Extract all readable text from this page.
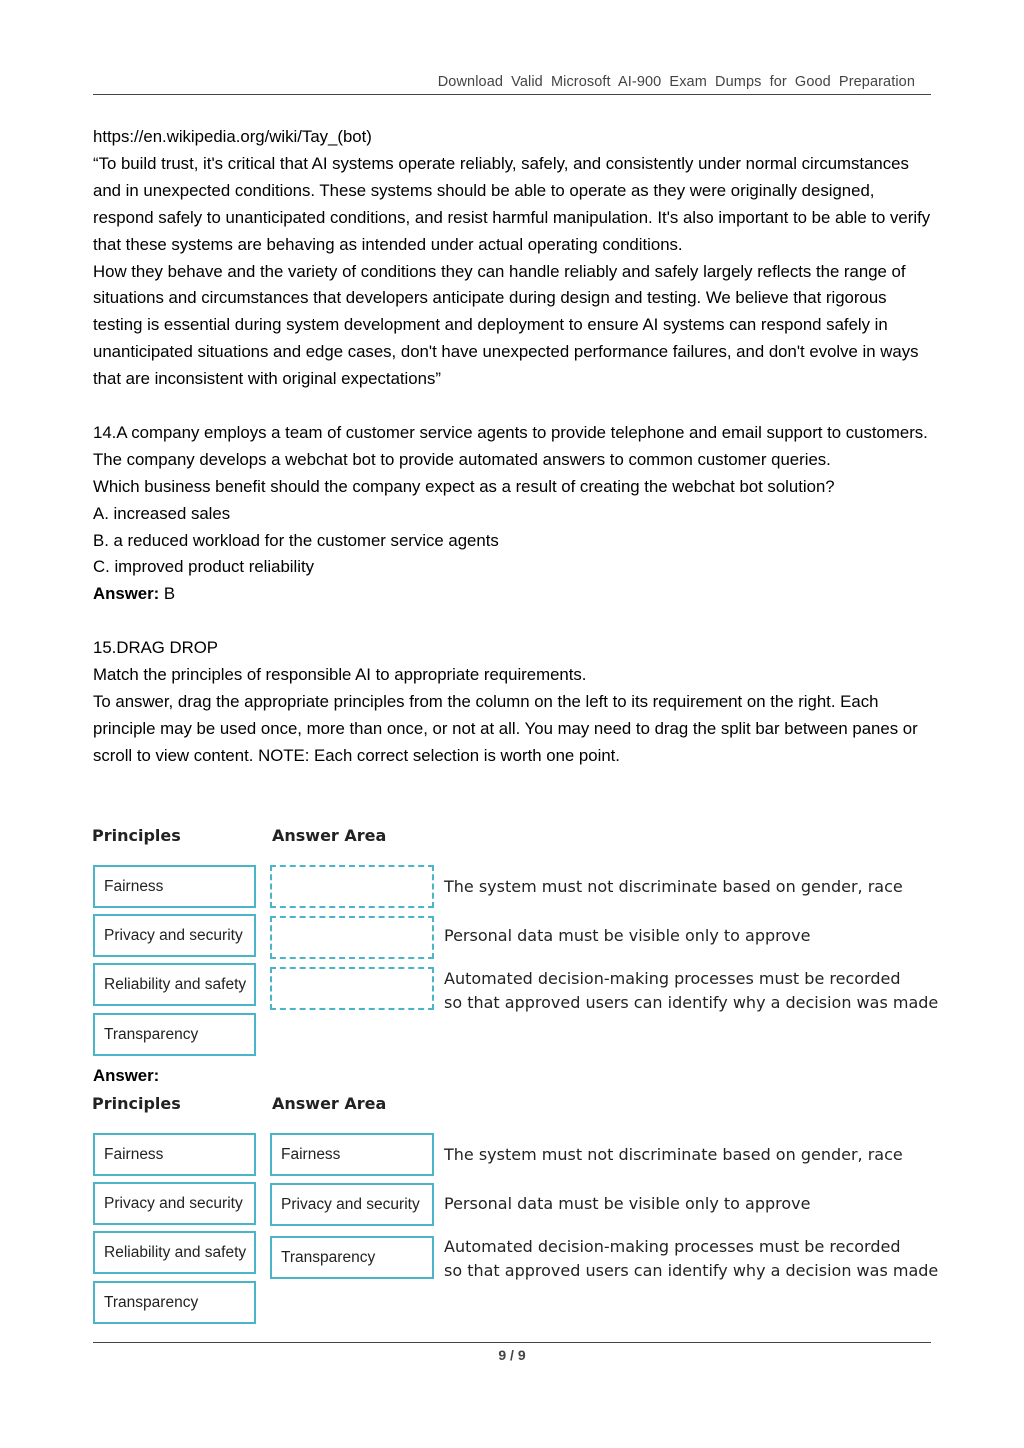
Download Valid Microsoft AI-900 Exam Dumps for Good Preparation

https://en.wikipedia.org/wiki/Tay_(bot)

“To build trust, it's critical that AI systems operate reliably, safely, and consistently under normal circumstances and in unexpected conditions. These systems should be able to operate as they were originally designed, respond safely to unanticipated conditions, and resist harmful manipulation. It's also important to be able to verify that these systems are behaving as intended under actual operating conditions.

How they behave and the variety of conditions they can handle reliably and safely largely reflects the range of situations and circumstances that developers anticipate during design and testing. We believe that rigorous testing is essential during system development and deployment to ensure AI systems can respond safely in unanticipated situations and edge cases, don't have unexpected performance failures, and don't evolve in ways that are inconsistent with original expectations”

14.A company employs a team of customer service agents to provide telephone and email support to customers.

The company develops a webchat bot to provide automated answers to common customer queries.

Which business benefit should the company expect as a result of creating the webchat bot solution?

A. increased sales

B. a reduced workload for the customer service agents

C. improved product reliability

Answer: B

15.DRAG DROP

Match the principles of responsible AI to appropriate requirements.

To answer, drag the appropriate principles from the column on the left to its requirement on the right. Each principle may be used once, more than once, or not at all. You may need to drag the split bar between panes or scroll to view content. NOTE: Each correct selection is worth one point.

Principles	Answer Area
Fairness
Privacy and security
Reliability and safety
Transparency
The system must not discriminate based on gender, race
Personal data must be visible only to approve
Automated decision-making processes must be recorded
so that approved users can identify why a decision was made
Answer:
Principles	Answer Area
Fairness
Privacy and security
Reliability and safety
Transparency
Fairness
Privacy and security
Transparency
The system must not discriminate based on gender, race
Personal data must be visible only to approve
Automated decision-making processes must be recorded
so that approved users can identify why a decision was made
9 / 9
